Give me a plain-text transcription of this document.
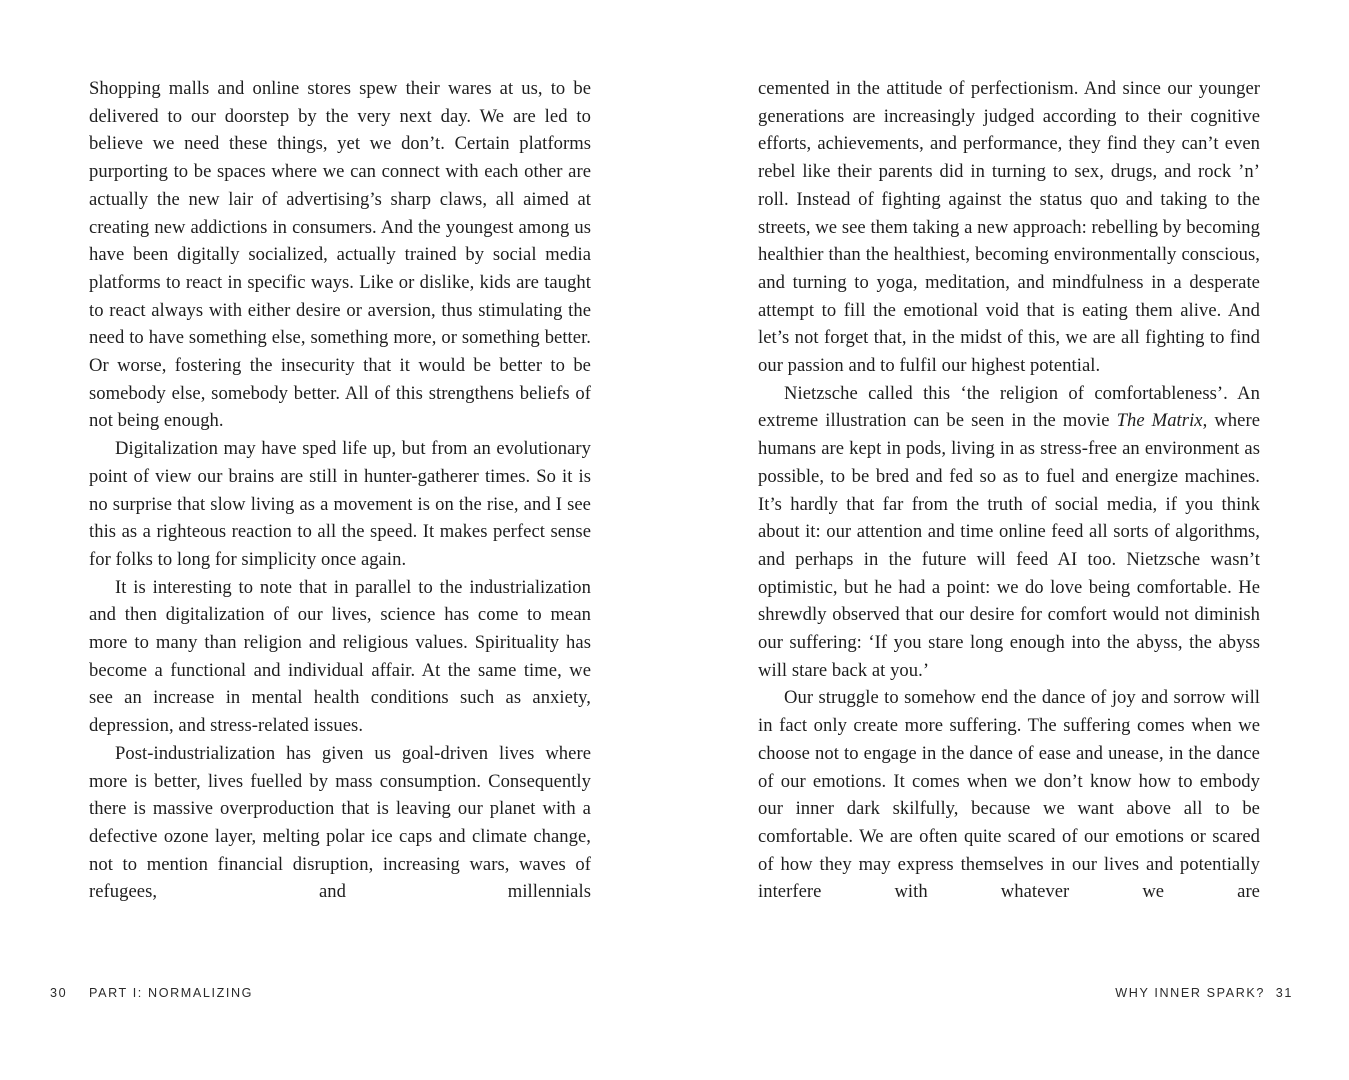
Shopping malls and online stores spew their wares at us, to be delivered to our doorstep by the very next day. We are led to believe we need these things, yet we don’t. Certain platforms purporting to be spaces where we can connect with each other are actually the new lair of advertising’s sharp claws, all aimed at creating new addictions in consumers. And the youngest among us have been digitally socialized, actually trained by social media platforms to react in specific ways. Like or dislike, kids are taught to react always with either desire or aversion, thus stimulating the need to have something else, something more, or something better. Or worse, fostering the insecurity that it would be better to be somebody else, somebody better. All of this strengthens beliefs of not being enough.

Digitalization may have sped life up, but from an evolutionary point of view our brains are still in hunter-gatherer times. So it is no surprise that slow living as a movement is on the rise, and I see this as a righteous reaction to all the speed. It makes perfect sense for folks to long for simplicity once again.

It is interesting to note that in parallel to the industrialization and then digitalization of our lives, science has come to mean more to many than religion and religious values. Spirituality has become a functional and individual affair. At the same time, we see an increase in mental health conditions such as anxiety, depression, and stress-related issues.

Post-industrialization has given us goal-driven lives where more is better, lives fuelled by mass consumption. Consequently there is massive overproduction that is leaving our planet with a defective ozone layer, melting polar ice caps and climate change, not to mention financial disruption, increasing wars, waves of refugees, and millennials

30 PART I: NORMALIZING

cemented in the attitude of perfectionism. And since our younger generations are increasingly judged according to their cognitive efforts, achievements, and performance, they find they can’t even rebel like their parents did in turning to sex, drugs, and rock ’n’ roll. Instead of fighting against the status quo and taking to the streets, we see them taking a new approach: rebelling by becoming healthier than the healthiest, becoming environmentally conscious, and turning to yoga, meditation, and mindfulness in a desperate attempt to fill the emotional void that is eating them alive. And let’s not forget that, in the midst of this, we are all fighting to find our passion and to fulfil our highest potential.

Nietzsche called this ‘the religion of comfortableness’. An extreme illustration can be seen in the movie The Matrix, where humans are kept in pods, living in as stress-free an environment as possible, to be bred and fed so as to fuel and energize machines. It’s hardly that far from the truth of social media, if you think about it: our attention and time online feed all sorts of algorithms, and perhaps in the future will feed AI too. Nietzsche wasn’t optimistic, but he had a point: we do love being comfortable. He shrewdly observed that our desire for comfort would not diminish our suffering: ‘If you stare long enough into the abyss, the abyss will stare back at you.’

Our struggle to somehow end the dance of joy and sorrow will in fact only create more suffering. The suffering comes when we choose not to engage in the dance of ease and unease, in the dance of our emotions. It comes when we don’t know how to embody our inner dark skilfully, because we want above all to be comfortable. We are often quite scared of our emotions or scared of how they may express themselves in our lives and potentially interfere with whatever we are

WHY INNER SPARK? 31
